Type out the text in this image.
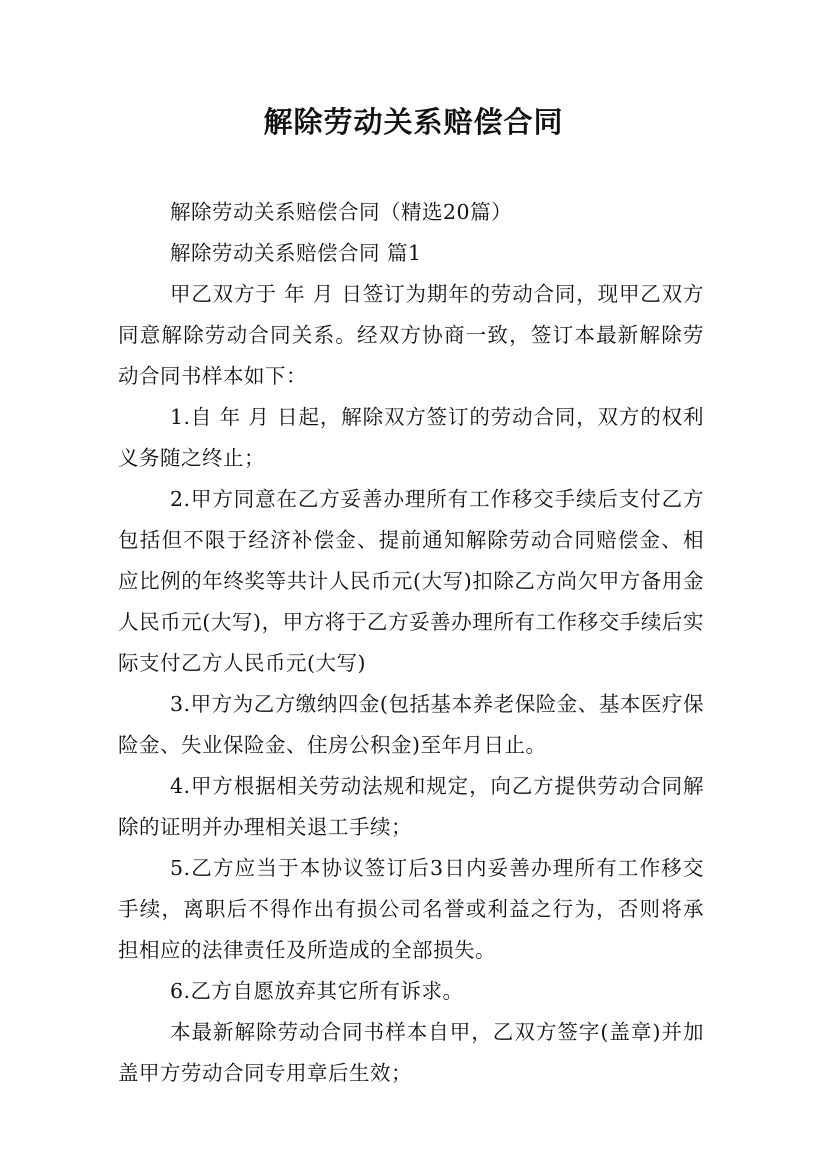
解除劳动关系赔偿合同

解除劳动关系赔偿合同（精选20篇）

解除劳动关系赔偿合同 篇1

甲乙双方于 年 月 日签订为期年的劳动合同，现甲乙双方同意解除劳动合同关系。经双方协商一致，签订本最新解除劳动合同书样本如下：

1.自 年 月 日起，解除双方签订的劳动合同，双方的权利义务随之终止；

2.甲方同意在乙方妥善办理所有工作移交手续后支付乙方包括但不限于经济补偿金、提前通知解除劳动合同赔偿金、相应比例的年终奖等共计人民币元(大写)扣除乙方尚欠甲方备用金人民币元(大写)，甲方将于乙方妥善办理所有工作移交手续后实际支付乙方人民币元(大写)

3.甲方为乙方缴纳四金(包括基本养老保险金、基本医疗保险金、失业保险金、住房公积金)至年月日止。

4.甲方根据相关劳动法规和规定，向乙方提供劳动合同解除的证明并办理相关退工手续；

5.乙方应当于本协议签订后3日内妥善办理所有工作移交手续，离职后不得作出有损公司名誉或利益之行为，否则将承担相应的法律责任及所造成的全部损失。

6.乙方自愿放弃其它所有诉求。

本最新解除劳动合同书样本自甲，乙双方签字(盖章)并加盖甲方劳动合同专用章后生效；
